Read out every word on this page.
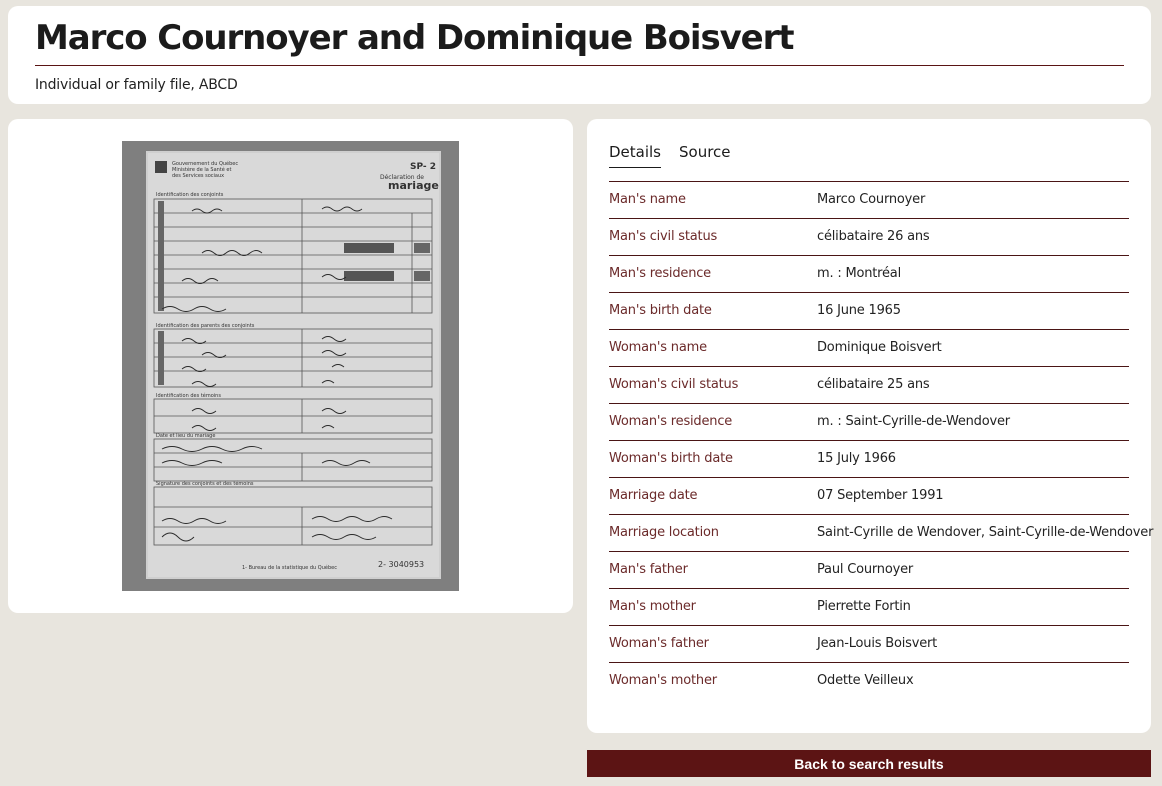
Marco Cournoyer and Dominique Boisvert
Individual or family file, ABCD
Gouvernement du Québec
Ministère de la Santé et
des Services sociaux
SP- 2
Déclaration de
mariage
Identification des conjoints
Identification des parents des conjoints
Identification des témoins
Date et lieu du mariage
Signature des conjoints et des témoins
1- Bureau de la statistique du Québec	2- 3040953
Details Source
Man's name	Marco Cournoyer
Man's civil status	célibataire 26 ans
Man's residence	m. : Montréal
Man's birth date	16 June 1965
Woman's name	Dominique Boisvert
Woman's civil status	célibataire 25 ans
Woman's residence	m. : Saint-Cyrille-de-Wendover
Woman's birth date	15 July 1966
Marriage date	07 September 1991
Marriage location	Saint-Cyrille de Wendover, Saint-Cyrille-de-Wendover
Man's father	Paul Cournoyer
Man's mother	Pierrette Fortin
Woman's father	Jean-Louis Boisvert
Woman's mother	Odette Veilleux
Back to search results
